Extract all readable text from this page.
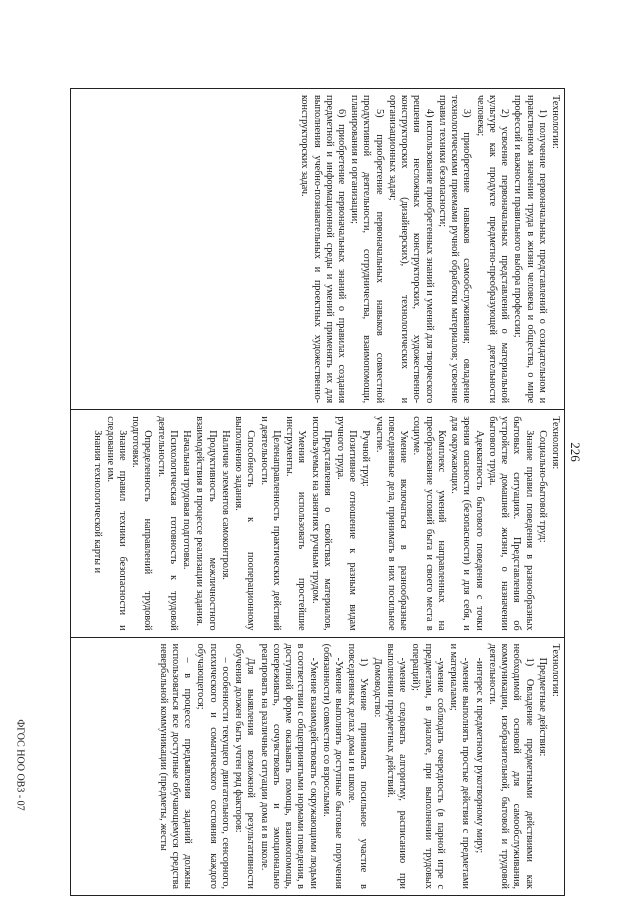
226
ФГОС НОО ОВЗ - 07
Технологии:
1) получение первоначальных представлений о созидательном и нравственном значении труда в жизни человека и общества, о мире профессий и важности правильного выбора профессии;
2) усвоение первоначальных представлений о материальной культуре как продукте предметно-преобразующей деятельности человека;
3) приобретение навыков самообслуживания; овладение технологическими приемами ручной обработки материалов; усвоение правил техники безопасности;
4) использование приобретенных знаний и умений для творческого решения несложных конструкторских, художественно-конструкторских (дизайнерских), технологических и организационных задач;
5) приобретение первоначальных навыков совместной продуктивной деятельности, сотрудничества, взаимопомощи, планирования и организации;
6) приобретение первоначальных знаний о правилах создания предметной и информационной среды и умений применять их для выполнения учебно-познавательных и проектных художественно-конструкторских задач.
Технология:
Социально-бытовой труд:
Знание правил поведения в разнообразных бытовых ситуациях. Представления об устройстве домашней жизни, о назначении бытового труда.
Адекватность бытового поведения с точки зрения опасности (безопасности) и для себя, и для окружающих.
Комплекс умений направленных на преобразование условий быта и своего места в социуме.
Умение включаться в разнообразные повседневные дела, принимать в них посильное участие.
Ручной труд:
Позитивное отношение к разным видам ручного труда.
Представления о свойствах материалов, используемых на занятиях ручным трудом.
Умения использовать простейшие инструменты.
Целенаправленность практических действий и деятельности.
Способность к пооперационному выполнению задания.
Наличие элементов самоконтроля.
Продуктивность межличностного взаимодействия в процессе реализации задания.
Начальная трудовая подготовка.
Психологическая готовность к трудовой деятельности.
Определенность направлений трудовой подготовки.
Знание правил техники безопасности и следование им.
Знания технологической карты и
Технология:
Предметные действия:
1) Овладение предметными действиями как необходимой основой для самообслуживания, коммуникации, изобразительной, бытовой и трудовой деятельности.
-интерес к предметному рукотворному миру;
-умение выполнять простые действия с предметами и материалами;
-умение соблюдать очередность (в парной игре с предметами, в диалоге, при выполнении трудовых операций);
-умение следовать алгоритму, расписанию при выполнении предметных действий.
Домоводство:
1) Умение принимать посильное участие в повседневных делах дома и в школе.
-Умение выполнять доступные бытовые поручения (обязанности) совместно со взрослыми.
-Умение взаимодействовать с окружающими людьми в соответствии с общепринятыми нормами поведения, в доступной форме оказывать помощь, взаимопомощь, сопереживать, сочувствовать и эмоционально реагировать на различные ситуации дома и в школе.
Для выявления возможной результативности обучения должен быть учтен ряд факторов:
– особенности текущего двигательного, сенсорного, психического и соматического состояния каждого обучающегося;
– в процессе предъявления заданий должны использоваться все доступные обучающемуся средства невербальной коммуникации (предметы, жесты
